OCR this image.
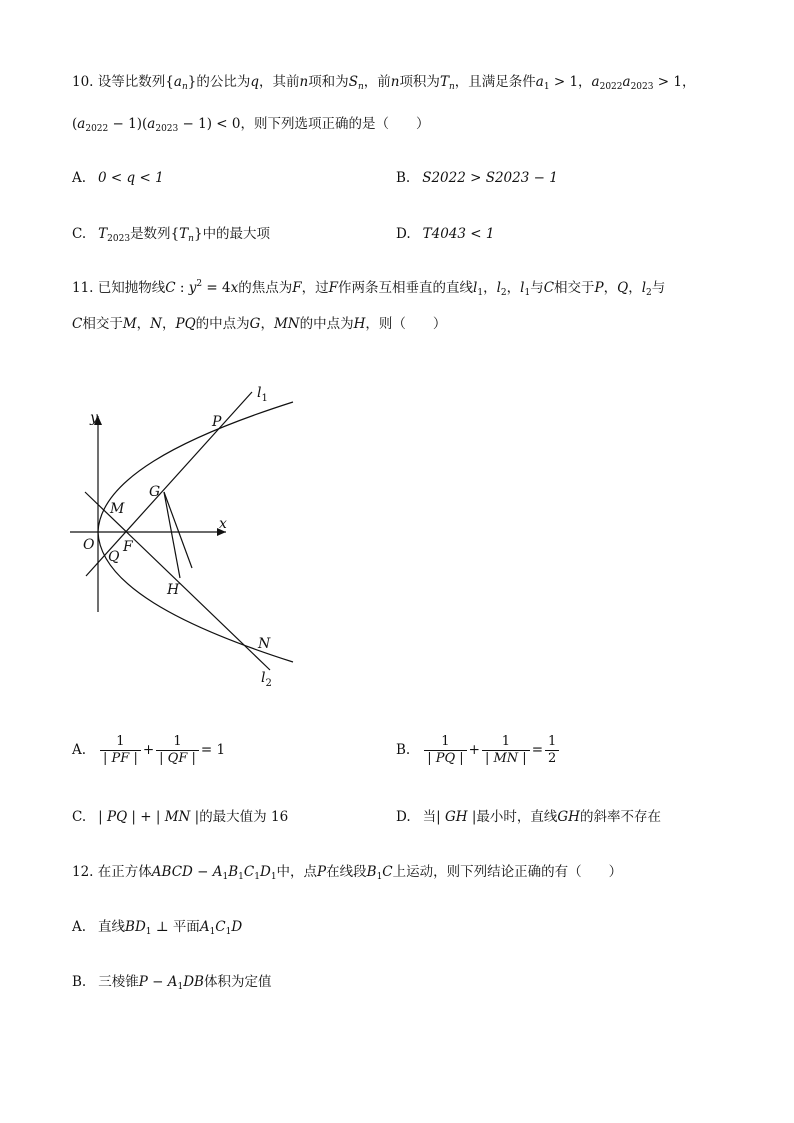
10. 设等比数列$\{a_n\}$的公比为q，其前n项和为$S_n$，前n项积为$T_n$，且满足条件$a_1 > 1$，$a_{2022}a_{2023} > 1$，
$(a_{2022} - 1)(a_{2023} - 1) < 0$，则下列选项正确的是（　　）
A. 0 < q < 1	B. S2022 > S2023 − 1
C. $T_{2023}$是数列$\{T_n\}$中的最大项	D. T4043 < 1
11. 已知抛物线C : $y^2 = 4x$的焦点为F，过F作两条互相垂直的直线$l_1$，$l_2$，$l_1$与C相交于P，Q，$l_2$与
C相交于M，N，PQ的中点为G，MN的中点为H，则（　　）
$l_1$
$l_2$
y
x
O F
P
Q
M
N
G
H
A. $\frac{1}{| PF |} + \frac{1}{| QF |} = 1$	B. $\frac{1}{| PQ |} + \frac{1}{| MN |} = \frac{1}{2}$
C. | PQ | + | MN |的最大值为 16	D. 当| GH |最小时，直线GH的斜率不存在
12. 在正方体ABCD − $A_1B_1C_1D_1$中，点P在线段$B_1C$上运动，则下列结论正确的有（　　）
A. 直线$BD_1$ ⊥ 平面$A_1C_1D$
B. 三棱锥$P - A_1DB$体积为定值
